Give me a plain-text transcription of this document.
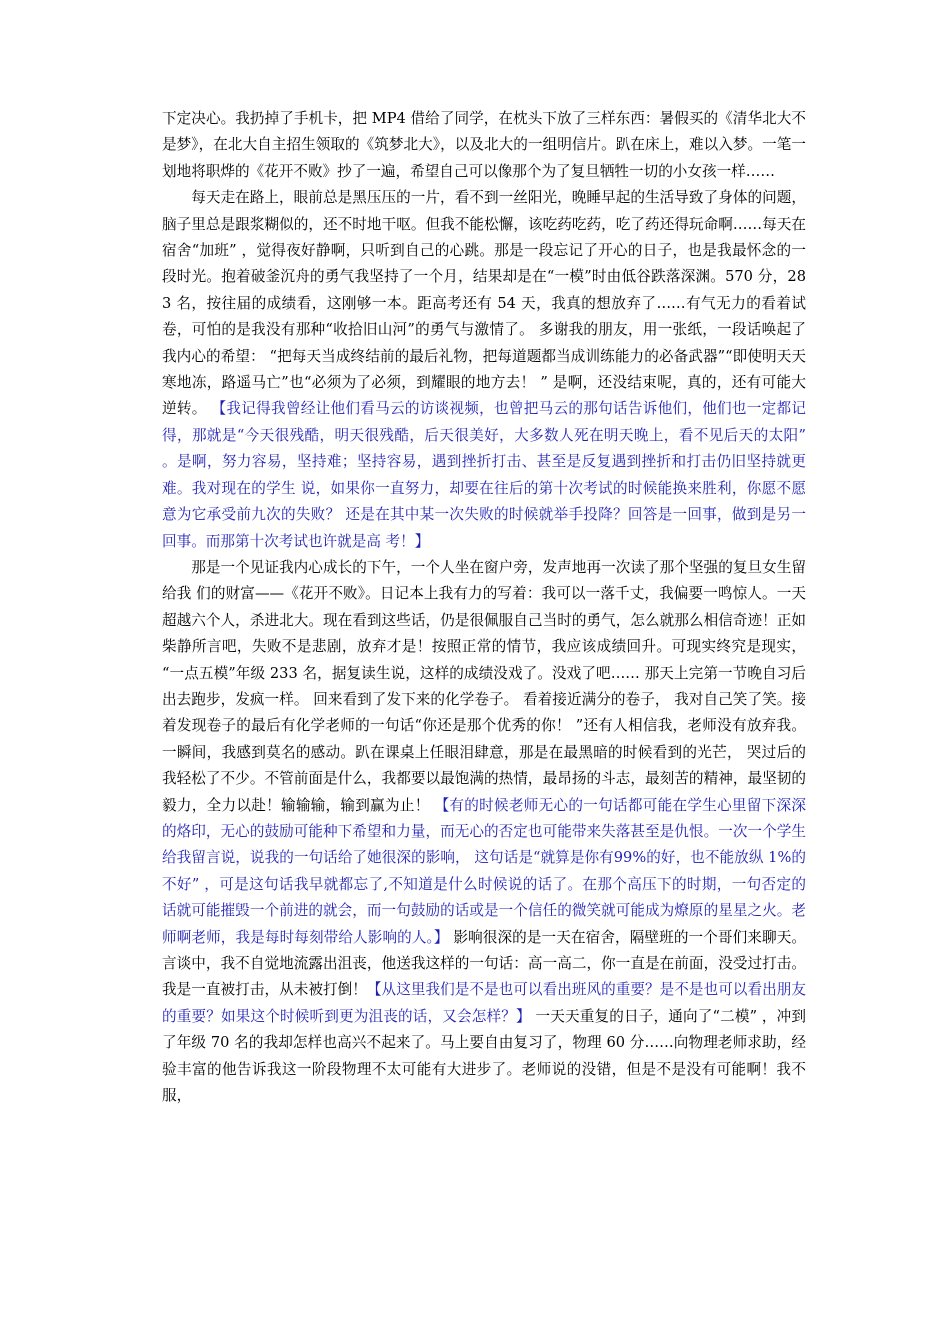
下定决心。我扔掉了手机卡，把 MP4 借给了同学，在枕头下放了三样东西：暑假买的《清华北大不是梦》，在北大自主招生领取的《筑梦北大》，以及北大的一组明信片。趴在床上，难以入梦。一笔一划地将职烨的《花开不败》抄了一遍，希望自己可以像那个为了复旦牺牲一切的小女孩一样……

每天走在路上，眼前总是黑压压的一片，看不到一丝阳光，晚睡早起的生活导致了身体的问题，脑子里总是跟浆糊似的，还不时地干呕。但我不能松懈，该吃药吃药，吃了药还得玩命啊……每天在宿舍“加班” ，觉得夜好静啊，只听到自己的心跳。那是一段忘记了开心的日子，也是我最怀念的一段时光。抱着破釜沉舟的勇气我坚持了一个月，结果却是在“一模”时由低谷跌落深渊。570 分，283 名，按往届的成绩看，这刚够一本。距高考还有 54 天，我真的想放弃了……有气无力的看着试卷，可怕的是我没有那种“收拾旧山河”的勇气与激情了。 多谢我的朋友，用一张纸，一段话唤起了我内心的希望： “把每天当成终结前的最后礼物，把每道题都当成训练能力的必备武器”“即使明天天寒地冻，路遥马亡”也“必须为了必须，到耀眼的地方去！ ” 是啊，还没结束呢，真的，还有可能大逆转。 【我记得我曾经让他们看马云的访谈视频，也曾把马云的那句话告诉他们，他们也一定都记得，那就是“今天很残酷，明天很残酷，后天很美好，大多数人死在明天晚上，看不见后天的太阳” 。是啊，努力容易，坚持难；坚持容易，遇到挫折打击、甚至是反复遇到挫折和打击仍旧坚持就更难。我对现在的学生 说，如果你一直努力，却要在往后的第十次考试的时候能换来胜利，你愿不愿意为它承受前九次的失败？ 还是在其中某一次失败的时候就举手投降？回答是一回事，做到是另一回事。而那第十次考试也许就是高 考！】

那是一个见证我内心成长的下午，一个人坐在窗户旁，发声地再一次读了那个坚强的复旦女生留给我 们的财富——《花开不败》。日记本上我有力的写着：我可以一落千丈，我偏要一鸣惊人。一天超越六个人，杀进北大。现在看到这些话，仍是很佩服自己当时的勇气，怎么就那么相信奇迹！正如柴静所言吧，失败不是悲剧，放弃才是！按照正常的情节，我应该成绩回升。可现实终究是现实， “一点五模”年级 233 名，据复读生说，这样的成绩没戏了。没戏了吧…… 那天上完第一节晚自习后出去跑步，发疯一样。 回来看到了发下来的化学卷子。 看着接近满分的卷子， 我对自己笑了笑。接着发现卷子的最后有化学老师的一句话“你还是那个优秀的你！ ”还有人相信我，老师没有放弃我。一瞬间，我感到莫名的感动。趴在课桌上任眼泪肆意，那是在最黑暗的时候看到的光芒， 哭过后的我轻松了不少。不管前面是什么，我都要以最饱满的热情，最昂扬的斗志，最刻苦的精神，最坚韧的毅力，全力以赴！输输输，输到赢为止！ 【有的时候老师无心的一句话都可能在学生心里留下深深的烙印，无心的鼓励可能种下希望和力量，而无心的否定也可能带来失落甚至是仇恨。一次一个学生给我留言说，说我的一句话给了她很深的影响， 这句话是“就算是你有99%的好，也不能放纵 1%的不好” ，可是这句话我早就都忘了,不知道是什么时候说的话了。在那个高压下的时期，一句否定的话就可能摧毁一个前进的就会，而一句鼓励的话或是一个信任的微笑就可能成为燎原的星星之火。老师啊老师，我是每时每刻带给人影响的人。】 影响很深的是一天在宿舍，隔壁班的一个哥们来聊天。言谈中，我不自觉地流露出沮丧，他送我这样的一句话：高一高二，你一直是在前面，没受过打击。我是一直被打击，从未被打倒！【从这里我们是不是也可以看出班风的重要？是不是也可以看出朋友的重要？如果这个时候听到更为沮丧的话，又会怎样？】 一天天重复的日子，通向了“二模” ，冲到了年级 70 名的我却怎样也高兴不起来了。马上要自由复习了，物理 60 分……向物理老师求助，经验丰富的他告诉我这一阶段物理不太可能有大进步了。老师说的没错，但是不是没有可能啊！我不服，
